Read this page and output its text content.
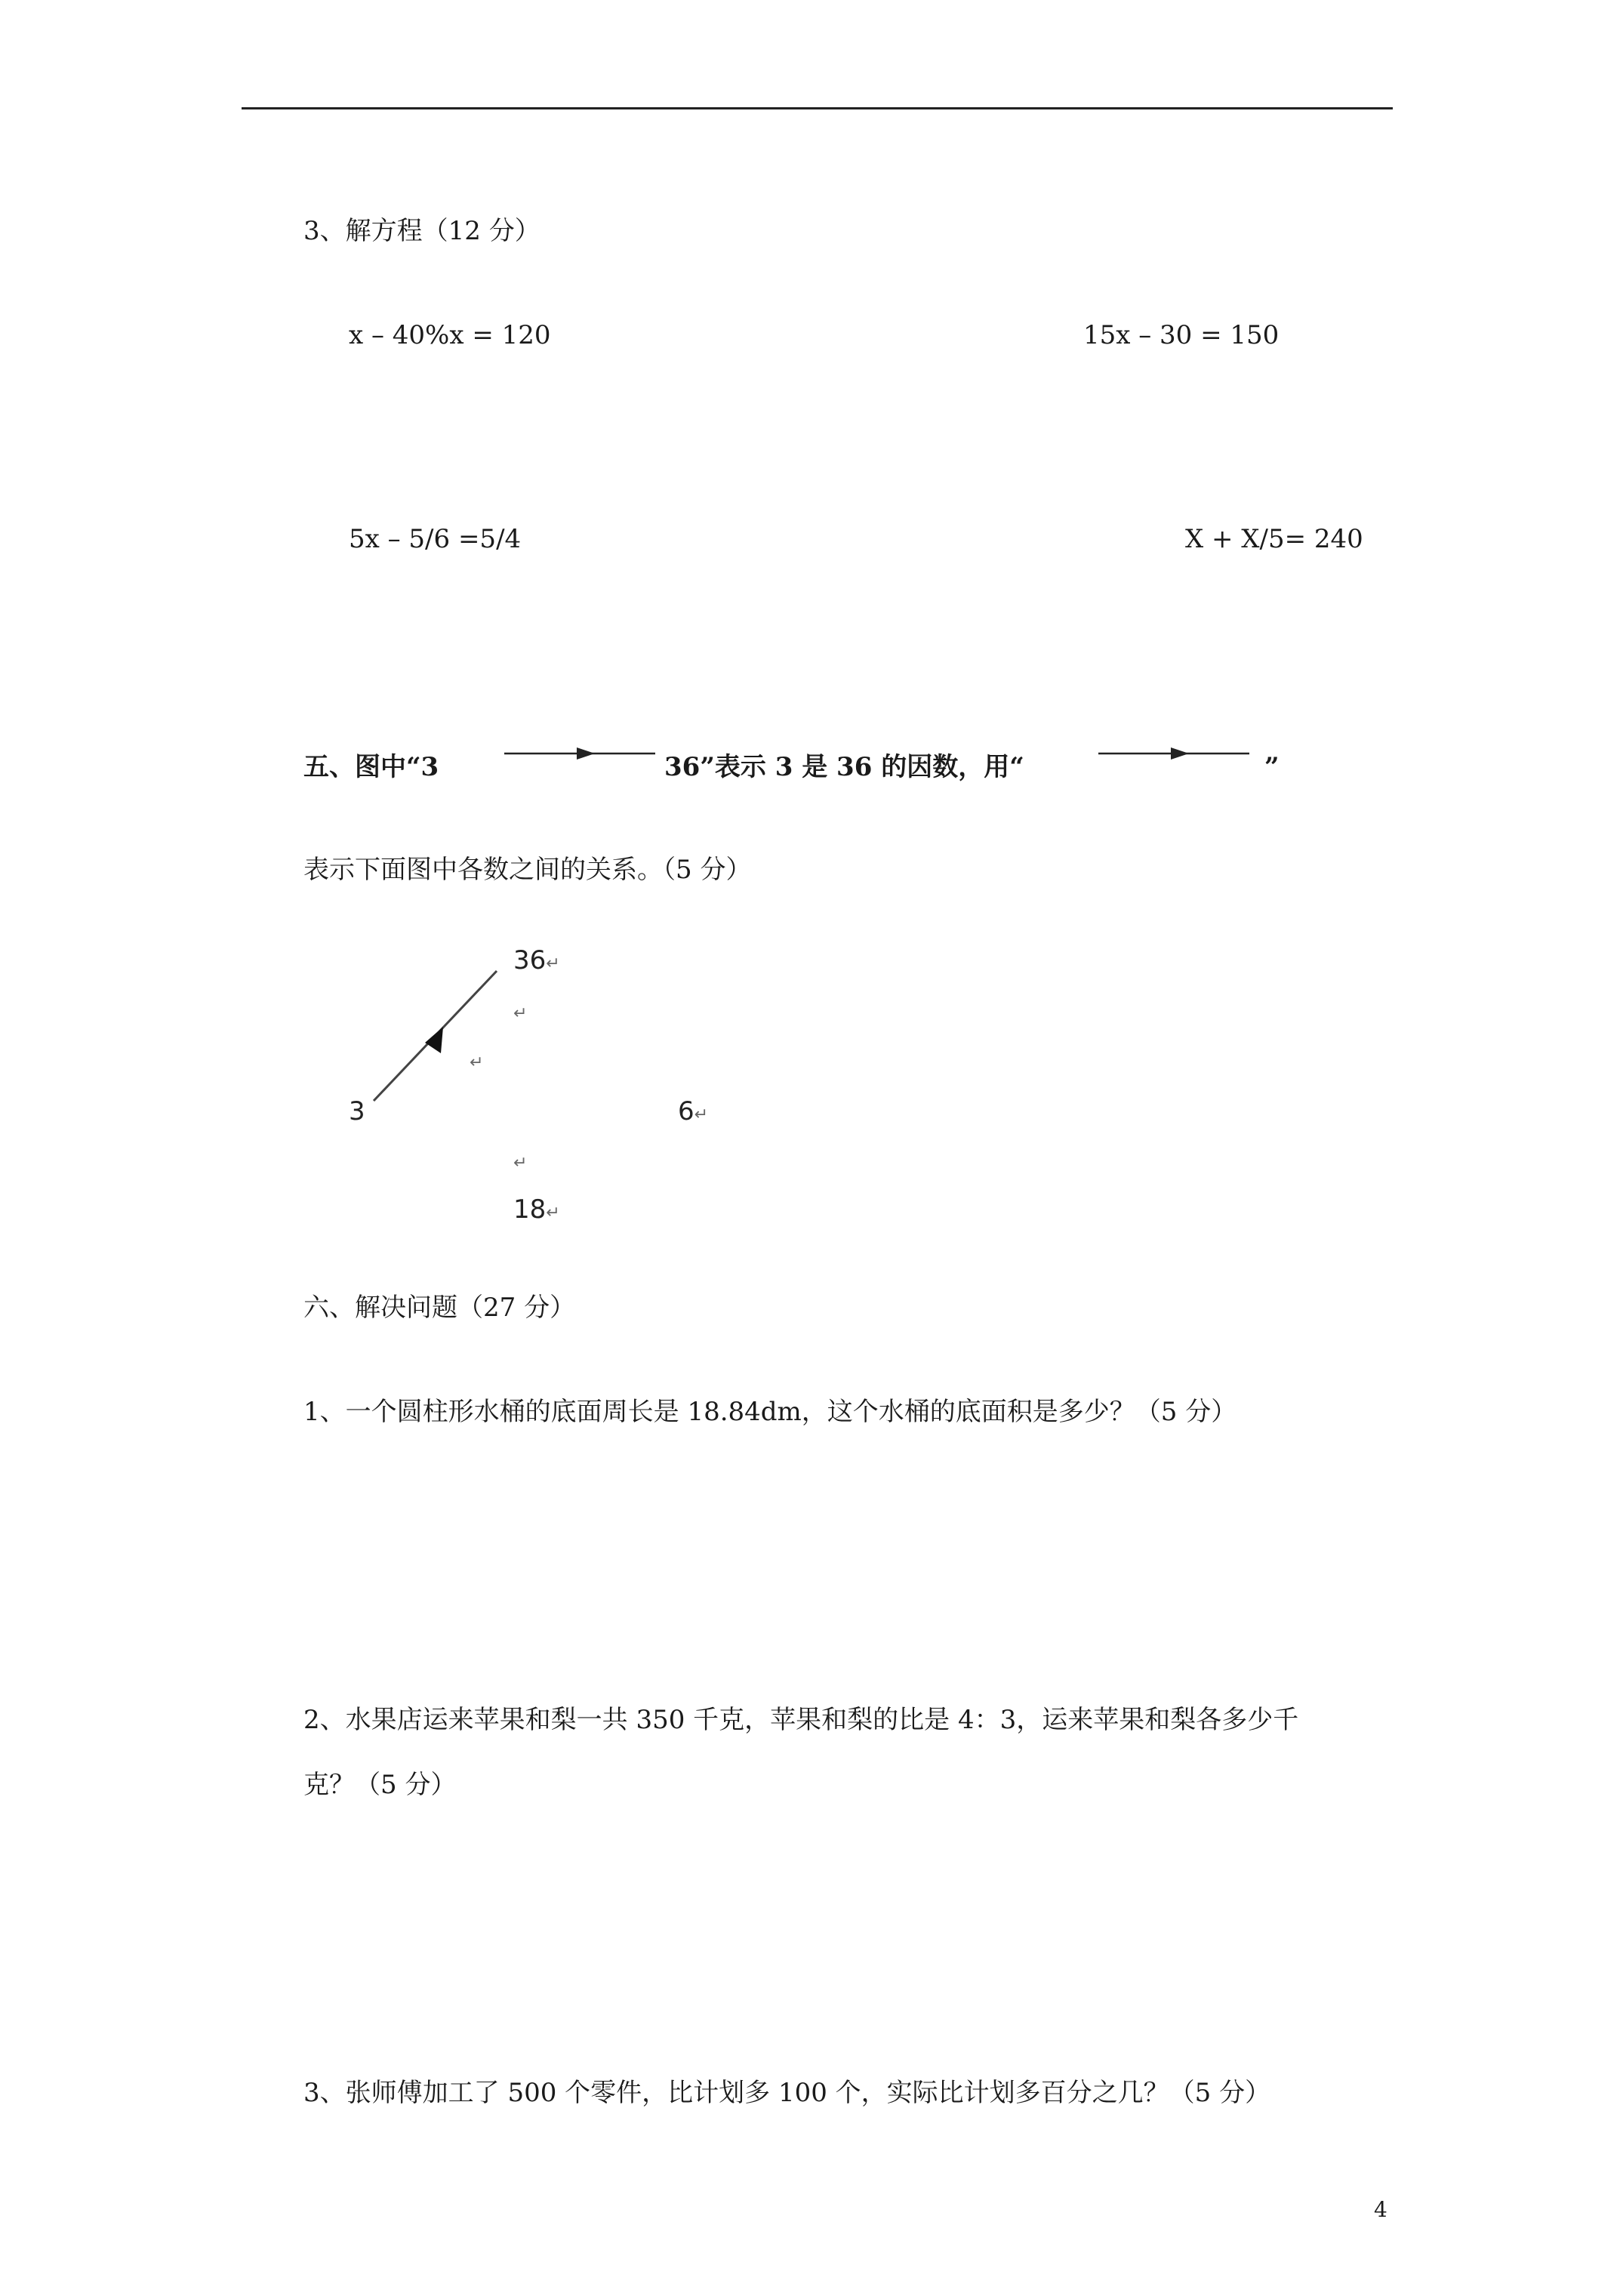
3、解方程（12 分）
x – 40%x = 120	15x – 30 = 150
5x – 5/6 =5/4	X + X/5= 240
五、图中“3	36”表示 3 是 36 的因数，用“	”
表示下面图中各数之间的关系。（5 分）
36↵
↵
↵
3	6↵
↵
18↵
六、解决问题（27 分）
1、一个圆柱形水桶的底面周长是 18.84dm，这个水桶的底面积是多少？（5 分）
2、水果店运来苹果和梨一共 350 千克，苹果和梨的比是 4：3，运来苹果和梨各多少千
克？（5 分）
3、张师傅加工了 500 个零件，比计划多 100 个，实际比计划多百分之几？（5 分）
4
